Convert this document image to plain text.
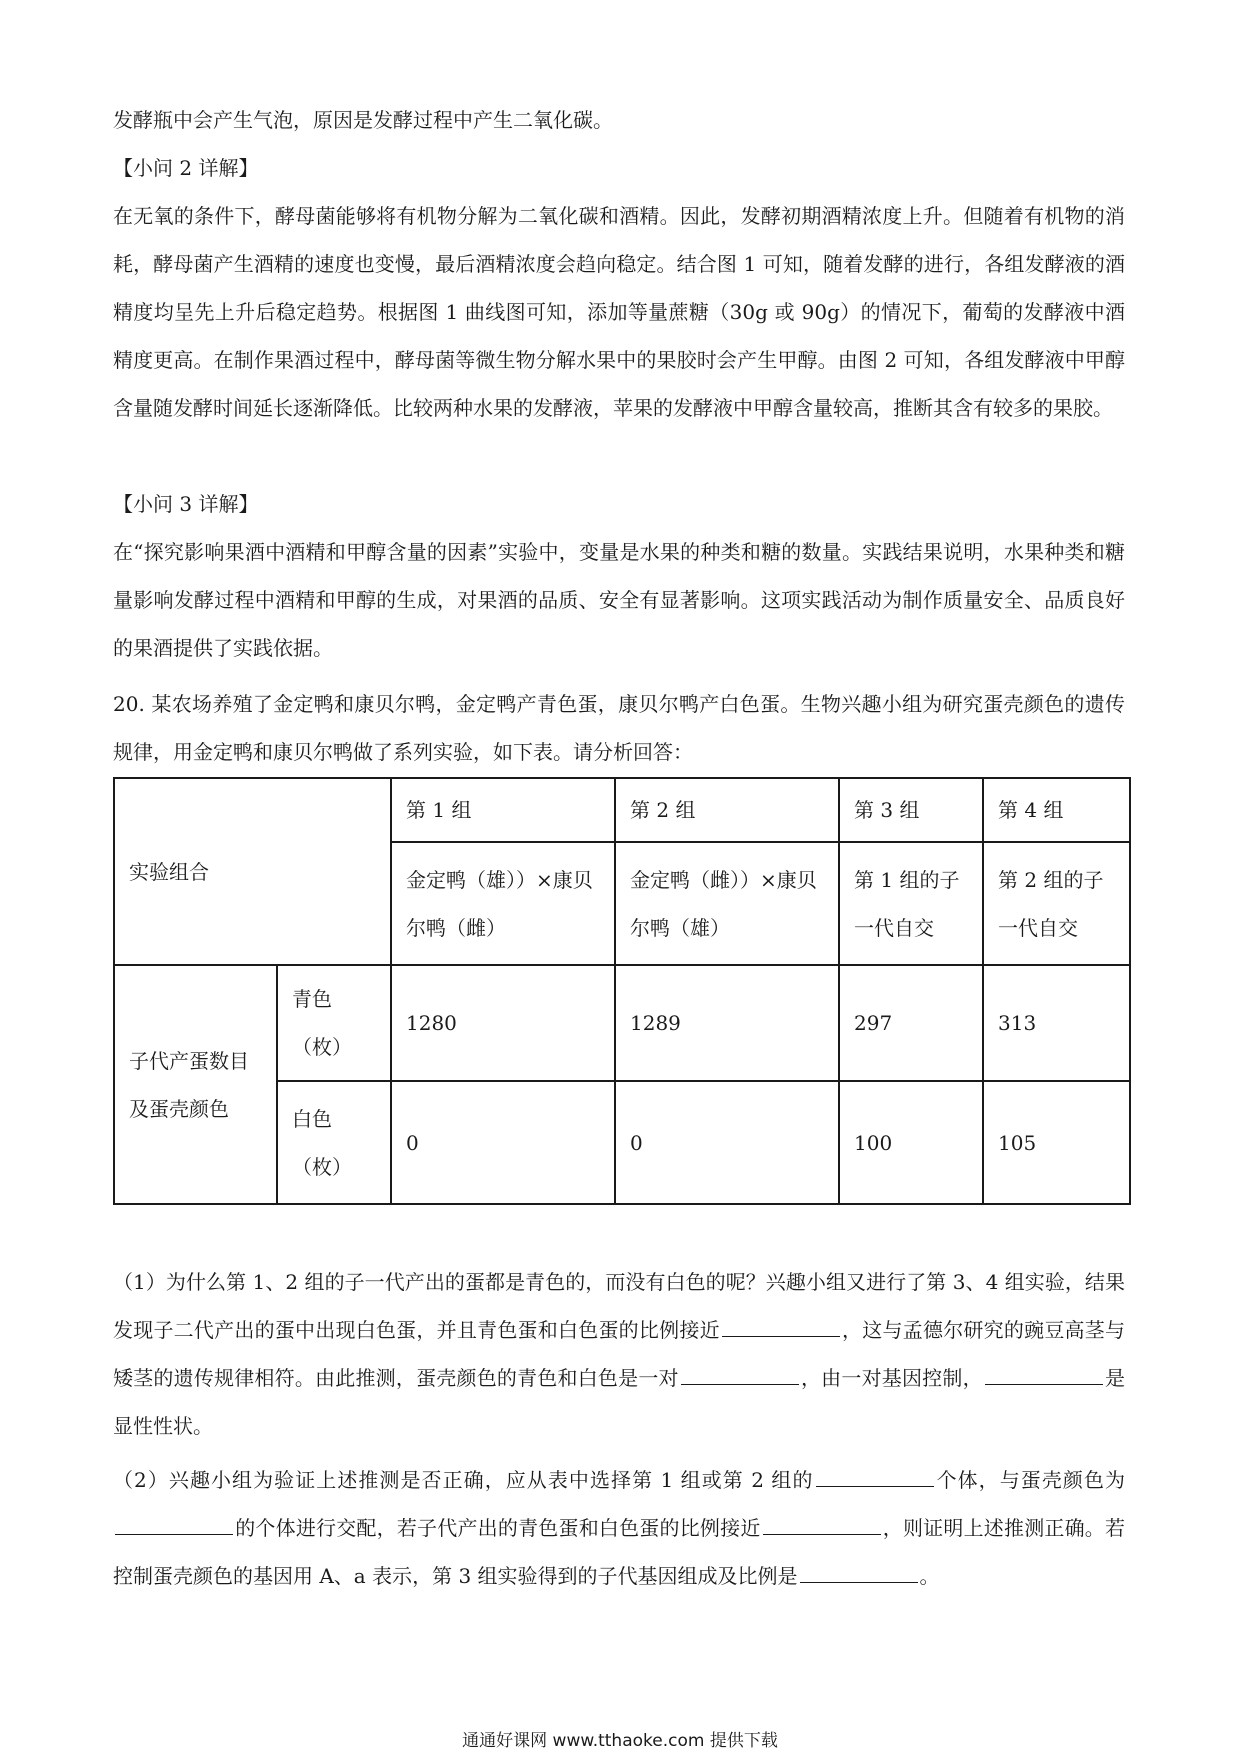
发酵瓶中会产生气泡，原因是发酵过程中产生二氧化碳。

【小问 2 详解】

在无氧的条件下，酵母菌能够将有机物分解为二氧化碳和酒精。因此，发酵初期酒精浓度上升。但随着有机物的消耗，酵母菌产生酒精的速度也变慢，最后酒精浓度会趋向稳定。结合图 1 可知，随着发酵的进行，各组发酵液的酒精度均呈先上升后稳定趋势。根据图 1 曲线图可知，添加等量蔗糖（30g 或 90g）的情况下，葡萄的发酵液中酒精度更高。在制作果酒过程中，酵母菌等微生物分解水果中的果胶时会产生甲醇。由图 2 可知，各组发酵液中甲醇含量随发酵时间延长逐渐降低。比较两种水果的发酵液，苹果的发酵液中甲醇含量较高，推断其含有较多的果胶。

【小问 3 详解】

在“探究影响果酒中酒精和甲醇含量的因素”实验中，变量是水果的种类和糖的数量。实践结果说明，水果种类和糖量影响发酵过程中酒精和甲醇的生成，对果酒的品质、安全有显著影响。这项实践活动为制作质量安全、品质良好的果酒提供了实践依据。

20. 某农场养殖了金定鸭和康贝尔鸭，金定鸭产青色蛋，康贝尔鸭产白色蛋。生物兴趣小组为研究蛋壳颜色的遗传规律，用金定鸭和康贝尔鸭做了系列实验，如下表。请分析回答：

实验组合		第 1 组	第 2 组	第 3 组	第 4 组
		金定鸭（雄））×康贝尔鸭（雌）	金定鸭（雌））×康贝尔鸭（雄）	第 1 组的子一代自交	第 2 组的子一代自交
子代产蛋数目及蛋壳颜色	青色（枚）	1280	1289	297	313
	白色（枚）	0	0	100	105

（1）为什么第 1、2 组的子一代产出的蛋都是青色的，而没有白色的呢？兴趣小组又进行了第 3、4 组实验，结果发现子二代产出的蛋中出现白色蛋，并且青色蛋和白色蛋的比例接近	，这与孟德尔研究的豌豆高茎与矮茎的遗传规律相符。由此推测，蛋壳颜色的青色和白色是一对	，由一对基因控制，	是显性性状。

（2）兴趣小组为验证上述推测是否正确，应从表中选择第 1 组或第 2 组的	个体，与蛋壳颜色为的个体进行交配，若子代产出的青色蛋和白色蛋的比例接近	，则证明上述推测正确。若控制蛋壳颜色的基因用 A、a 表示，第 3 组实验得到的子代基因组成及比例是	。

通通好课网 www.tthaoke.com 提供下载
